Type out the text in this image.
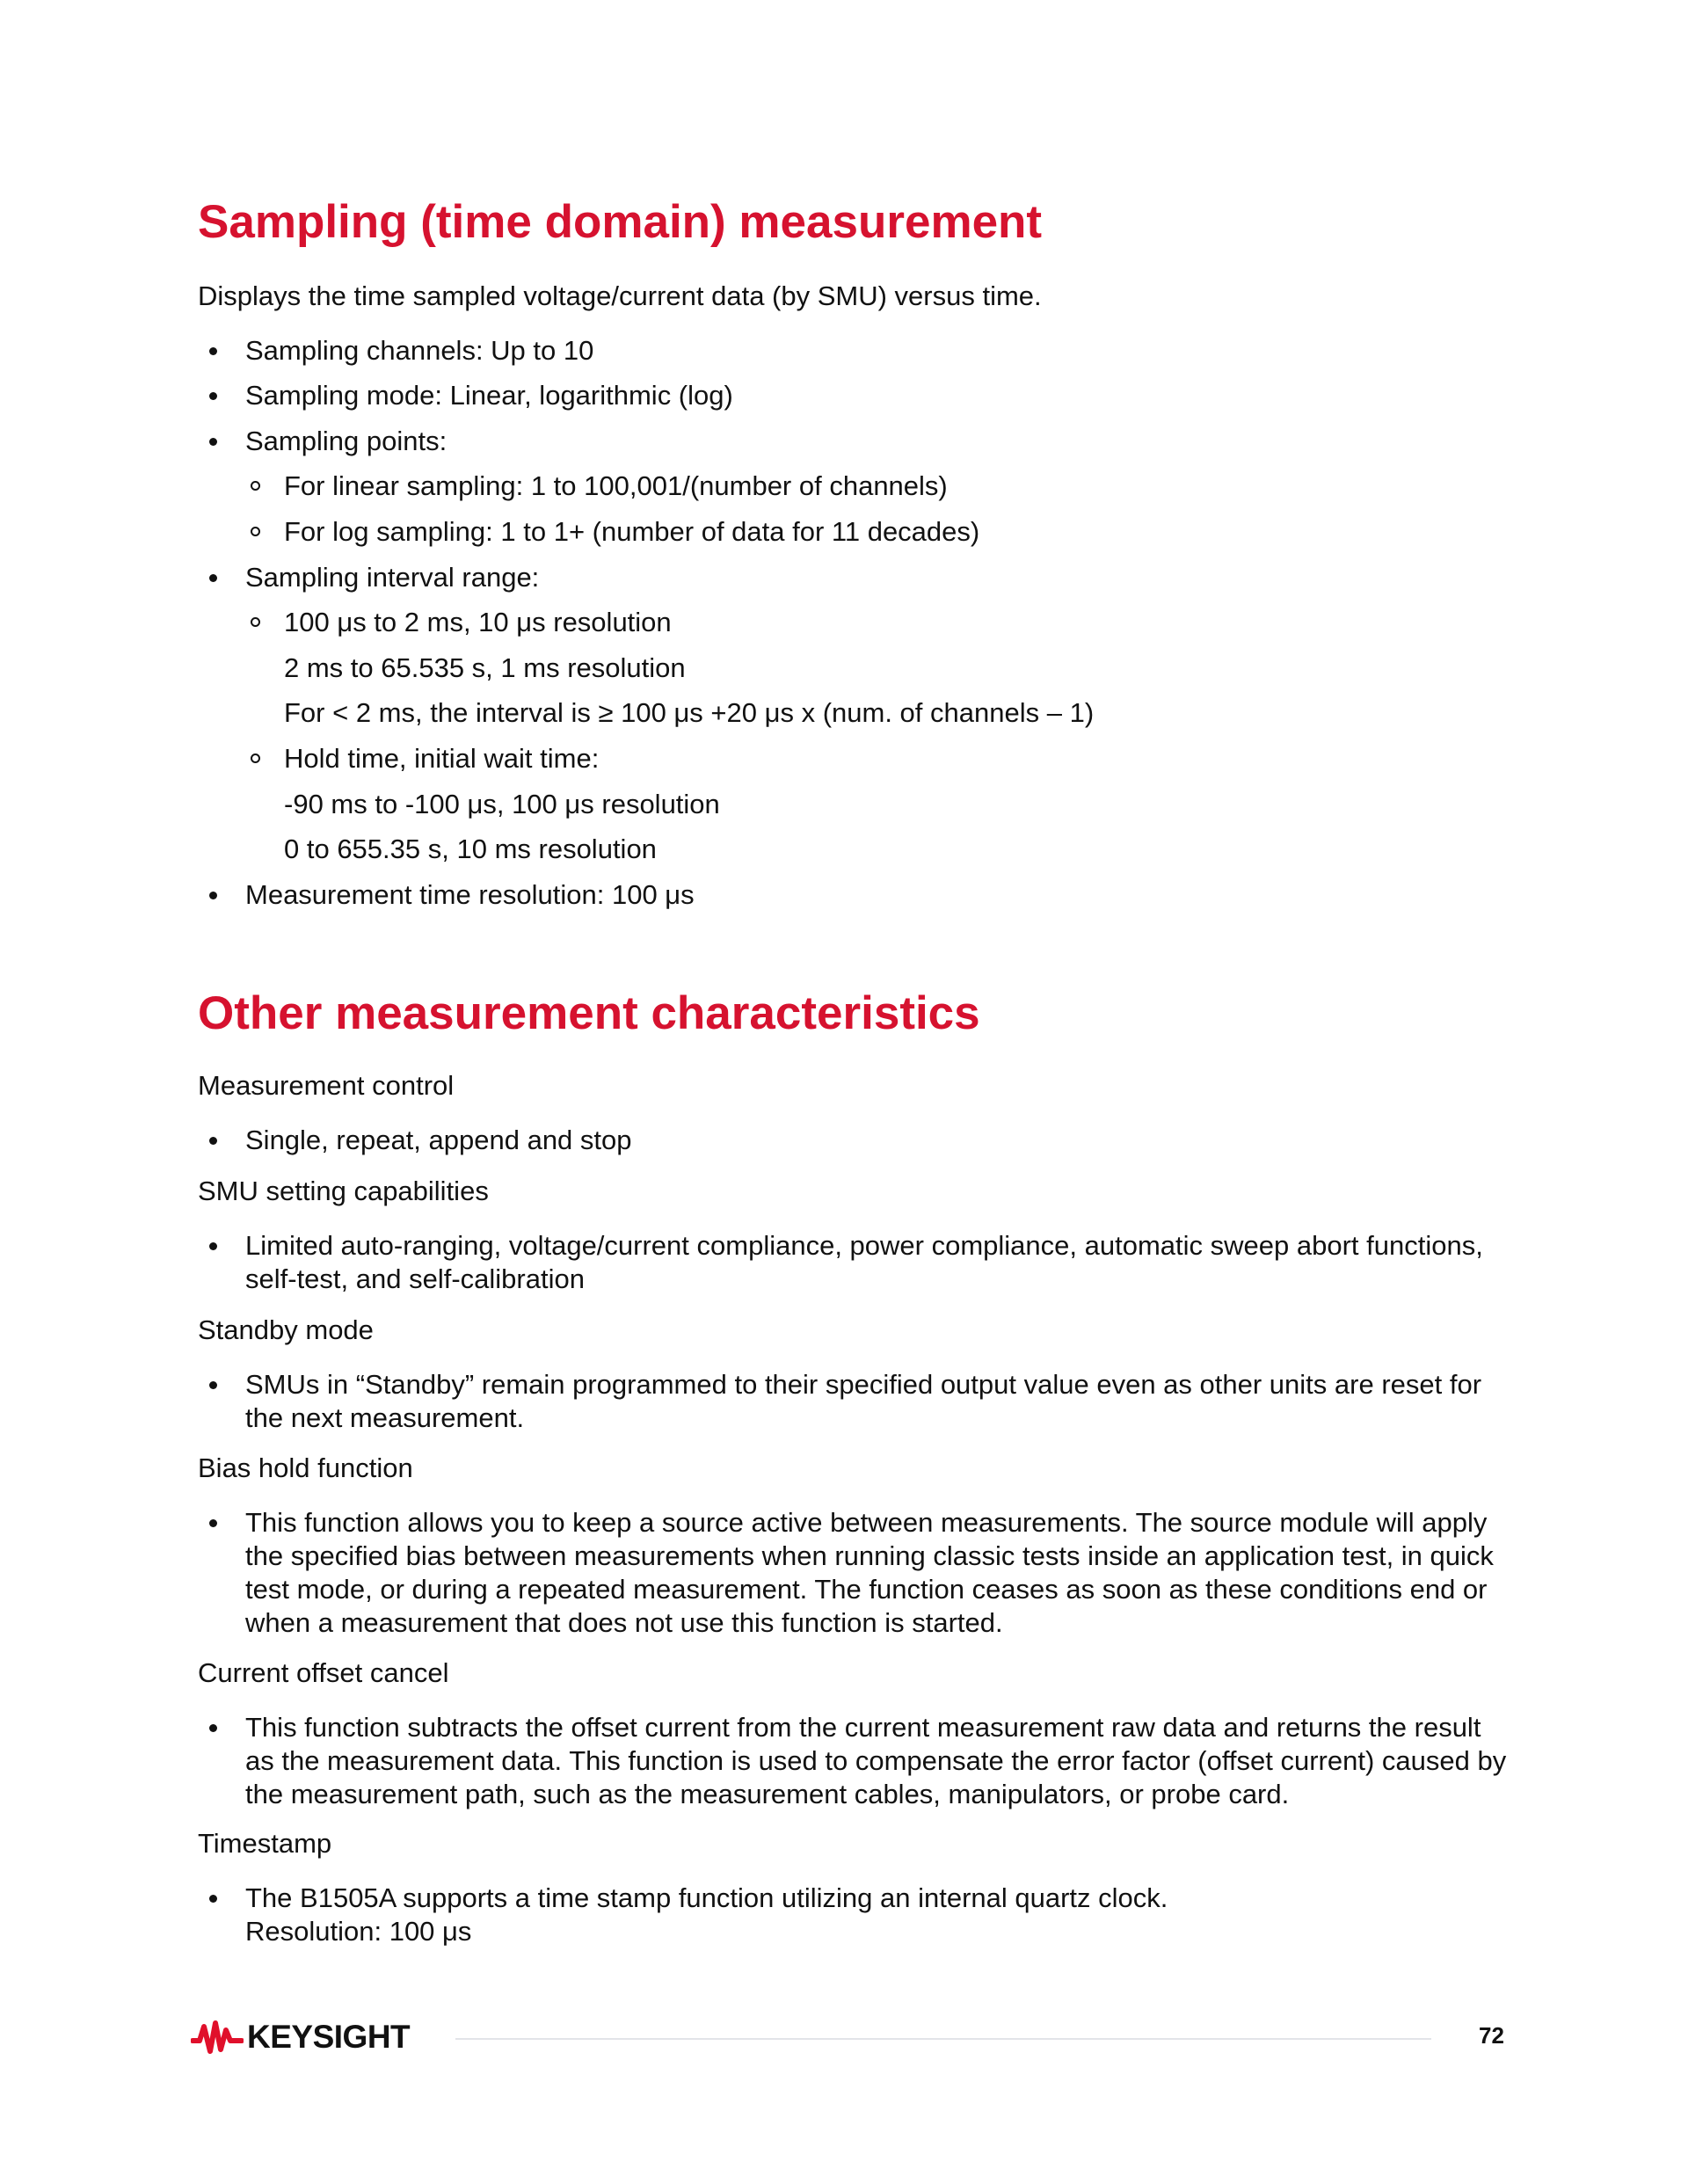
Sampling (time domain) measurement
Displays the time sampled voltage/current data (by SMU) versus time.
Sampling channels: Up to 10
Sampling mode: Linear, logarithmic (log)
Sampling points:
For linear sampling: 1 to 100,001/(number of channels)
For log sampling: 1 to 1+ (number of data for 11 decades)
Sampling interval range:
100 μs to 2 ms, 10 μs resolution
2 ms to 65.535 s, 1 ms resolution
For < 2 ms, the interval is ≥ 100 μs +20 μs x (num. of channels – 1)
Hold time, initial wait time:
-90 ms to -100 μs, 100 μs resolution
0 to 655.35 s, 10 ms resolution
Measurement time resolution: 100 μs
Other measurement characteristics
Measurement control
Single, repeat, append and stop
SMU setting capabilities
Limited auto-ranging, voltage/current compliance, power compliance, automatic sweep abort functions, self-test, and self-calibration
Standby mode
SMUs in “Standby” remain programmed to their specified output value even as other units are reset for the next measurement.
Bias hold function
This function allows you to keep a source active between measurements. The source module will apply the specified bias between measurements when running classic tests inside an application test, in quick test mode, or during a repeated measurement. The function ceases as soon as these conditions end or when a measurement that does not use this function is started.
Current offset cancel
This function subtracts the offset current from the current measurement raw data and returns the result as the measurement data. This function is used to compensate the error factor (offset current) caused by the measurement path, such as the measurement cables, manipulators, or probe card.
Timestamp
The B1505A supports a time stamp function utilizing an internal quartz clock.
Resolution: 100 μs
KEYSIGHT	72
